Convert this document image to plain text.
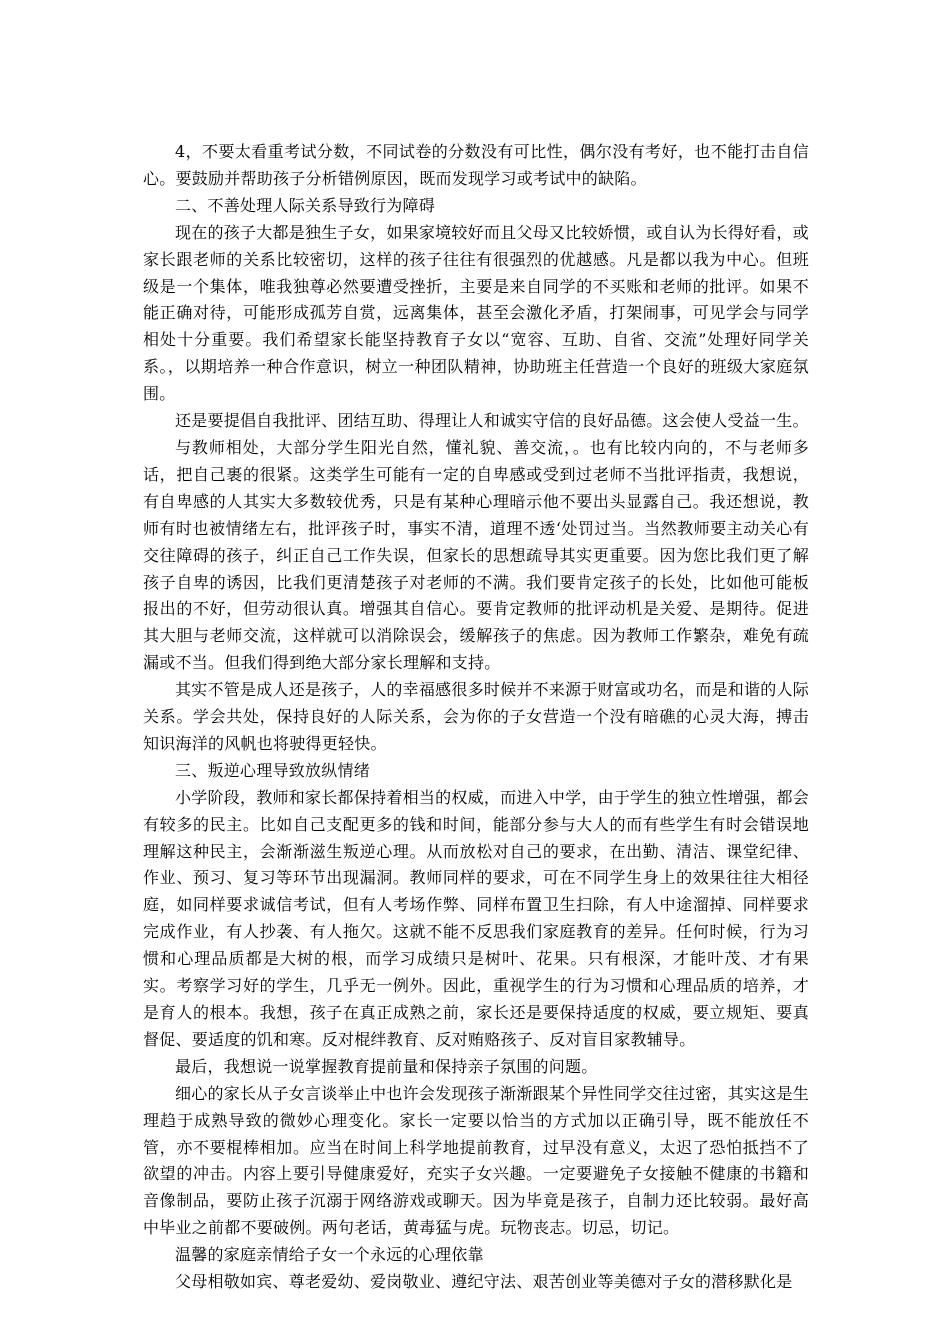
4，不要太看重考试分数，不同试卷的分数没有可比性，偶尔没有考好，也不能打击自信心。要鼓励并帮助孩子分析错例原因，既而发现学习或考试中的缺陷。

二、不善处理人际关系导致行为障碍

现在的孩子大都是独生子女，如果家境较好而且父母又比较娇惯，或自认为长得好看，或家长跟老师的关系比较密切，这样的孩子往往有很强烈的优越感。凡是都以我为中心。但班级是一个集体，唯我独尊必然要遭受挫折，主要是来自同学的不买账和老师的批评。如果不能正确对待，可能形成孤芳自赏，远离集体，甚至会激化矛盾，打架闹事，可见学会与同学相处十分重要。我们希望家长能坚持教育子女以“宽容、互助、自省、交流”处理好同学关系。，以期培养一种合作意识，树立一种团队精神，协助班主任营造一个良好的班级大家庭氛围。

还是要提倡自我批评、团结互助、得理让人和诚实守信的良好品德。这会使人受益一生。

与教师相处，大部分学生阳光自然，懂礼貌、善交流，。也有比较内向的，不与老师多话，把自己裹的很紧。这类学生可能有一定的自卑感或受到过老师不当批评指责，我想说，有自卑感的人其实大多数较优秀，只是有某种心理暗示他不要出头显露自己。我还想说，教师有时也被情绪左右，批评孩子时，事实不清，道理不透‘处罚过当。当然教师要主动关心有交往障碍的孩子，纠正自己工作失误，但家长的思想疏导其实更重要。因为您比我们更了解孩子自卑的诱因，比我们更清楚孩子对老师的不满。我们要肯定孩子的长处，比如他可能板报出的不好，但劳动很认真。增强其自信心。要肯定教师的批评动机是关爱、是期待。促进其大胆与老师交流，这样就可以消除误会，缓解孩子的焦虑。因为教师工作繁杂，难免有疏漏或不当。但我们得到绝大部分家长理解和支持。

其实不管是成人还是孩子，人的幸福感很多时候并不来源于财富或功名，而是和谐的人际关系。学会共处，保持良好的人际关系，会为你的子女营造一个没有暗礁的心灵大海，搏击知识海洋的风帆也将驶得更轻快。

三、叛逆心理导致放纵情绪

小学阶段，教师和家长都保持着相当的权威，而进入中学，由于学生的独立性增强，都会有较多的民主。比如自己支配更多的钱和时间，能部分参与大人的而有些学生有时会错误地理解这种民主，会渐渐滋生叛逆心理。从而放松对自己的要求，在出勤、清洁、课堂纪律、作业、预习、复习等环节出现漏洞。教师同样的要求，可在不同学生身上的效果往往大相径庭，如同样要求诚信考试，但有人考场作弊、同样布置卫生扫除，有人中途溜掉、同样要求完成作业，有人抄袭、有人拖欠。这就不能不反思我们家庭教育的差异。任何时候，行为习惯和心理品质都是大树的根，而学习成绩只是树叶、花果。只有根深，才能叶茂、才有果实。考察学习好的学生，几乎无一例外。因此，重视学生的行为习惯和心理品质的培养，才是育人的根本。我想，孩子在真正成熟之前，家长还是要保持适度的权威，要立规矩、要真督促、要适度的饥和寒。反对棍绊教育、反对贿赂孩子、反对盲目家教辅导。

最后，我想说一说掌握教育提前量和保持亲子氛围的问题。

细心的家长从子女言谈举止中也许会发现孩子渐渐跟某个异性同学交往过密，其实这是生理趋于成熟导致的微妙心理变化。家长一定要以恰当的方式加以正确引导，既不能放任不管，亦不要棍棒相加。应当在时间上科学地提前教育，过早没有意义，太迟了恐怕抵挡不了欲望的冲击。内容上要引导健康爱好，充实子女兴趣。一定要避免子女接触不健康的书籍和音像制品，要防止孩子沉溺于网络游戏或聊天。因为毕竟是孩子，自制力还比较弱。最好高中毕业之前都不要破例。两句老话，黄毒猛与虎。玩物丧志。切忌，切记。

温馨的家庭亲情给子女一个永远的心理依靠

父母相敬如宾、尊老爱幼、爱岗敬业、遵纪守法、艰苦创业等美德对子女的潜移默化是
